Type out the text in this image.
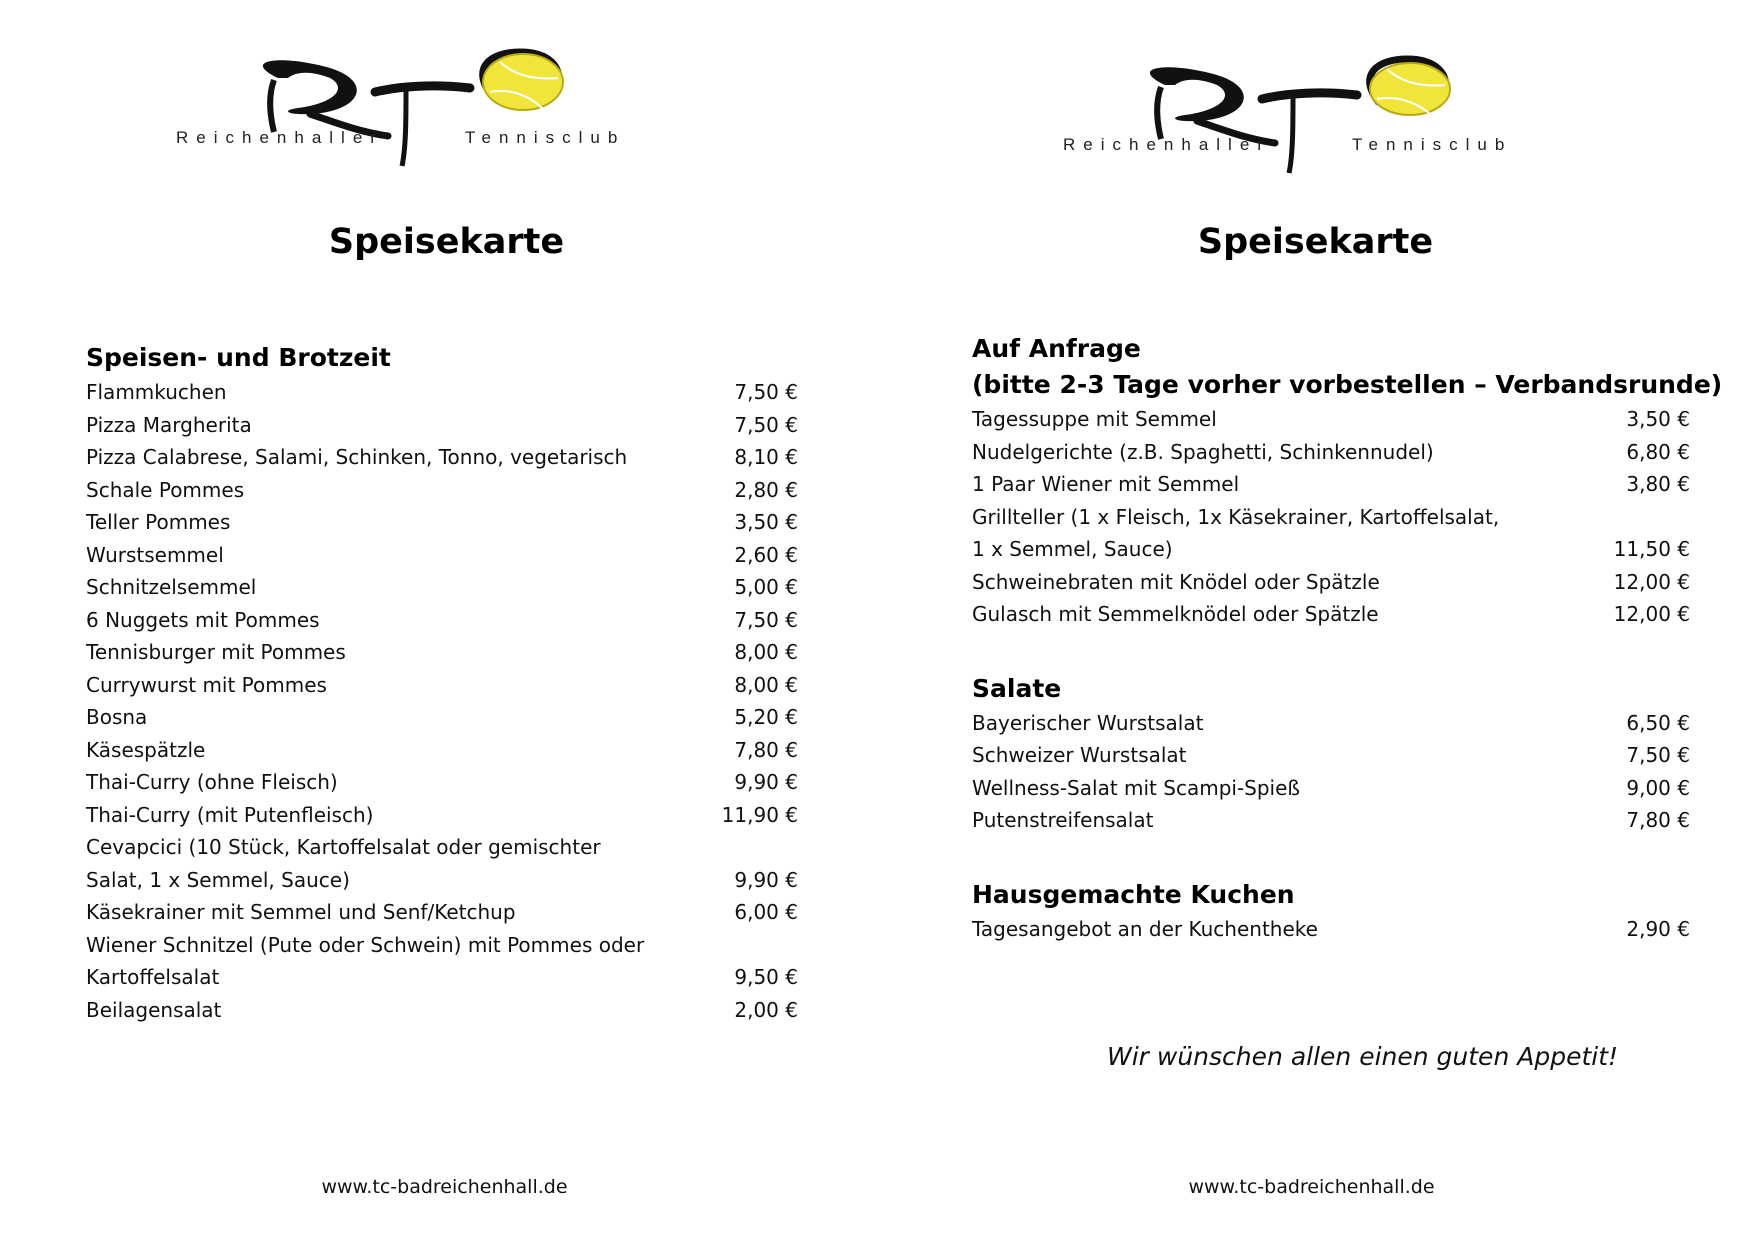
Reichenhaller	Tennisclub
Speisekarte
Speisen- und Brotzeit
Flammkuchen	7,50 €
Pizza Margherita	7,50 €
Pizza Calabrese, Salami, Schinken, Tonno, vegetarisch	8,10 €
Schale Pommes	2,80 €
Teller Pommes	3,50 €
Wurstsemmel	2,60 €
Schnitzelsemmel	5,00 €
6 Nuggets mit Pommes	7,50 €
Tennisburger mit Pommes	8,00 €
Currywurst mit Pommes	8,00 €
Bosna	5,20 €
Käsespätzle	7,80 €
Thai-Curry (ohne Fleisch)	9,90 €
Thai-Curry (mit Putenfleisch)	11,90 €
Cevapcici (10 Stück, Kartoffelsalat oder gemischter
Salat, 1 x Semmel, Sauce)	9,90 €
Käsekrainer mit Semmel und Senf/Ketchup	6,00 €
Wiener Schnitzel (Pute oder Schwein) mit Pommes oder
Kartoffelsalat	9,50 €
Beilagensalat	2,00 €
www.tc-badreichenhall.de
Reichenhaller	Tennisclub
Speisekarte
Auf Anfrage
(bitte 2-3 Tage vorher vorbestellen – Verbandsrunde)
Tagessuppe mit Semmel	3,50 €
Nudelgerichte (z.B. Spaghetti, Schinkennudel)	6,80 €
1 Paar Wiener mit Semmel	3,80 €
Grillteller (1 x Fleisch, 1x Käsekrainer, Kartoffelsalat,
1 x Semmel, Sauce)	11,50 €
Schweinebraten mit Knödel oder Spätzle	12,00 €
Gulasch mit Semmelknödel oder Spätzle	12,00 €
Salate
Bayerischer Wurstsalat	6,50 €
Schweizer Wurstsalat	7,50 €
Wellness-Salat mit Scampi-Spieß	9,00 €
Putenstreifensalat	7,80 €
Hausgemachte Kuchen
Tagesangebot an der Kuchentheke	2,90 €
Wir wünschen allen einen guten Appetit!
www.tc-badreichenhall.de
